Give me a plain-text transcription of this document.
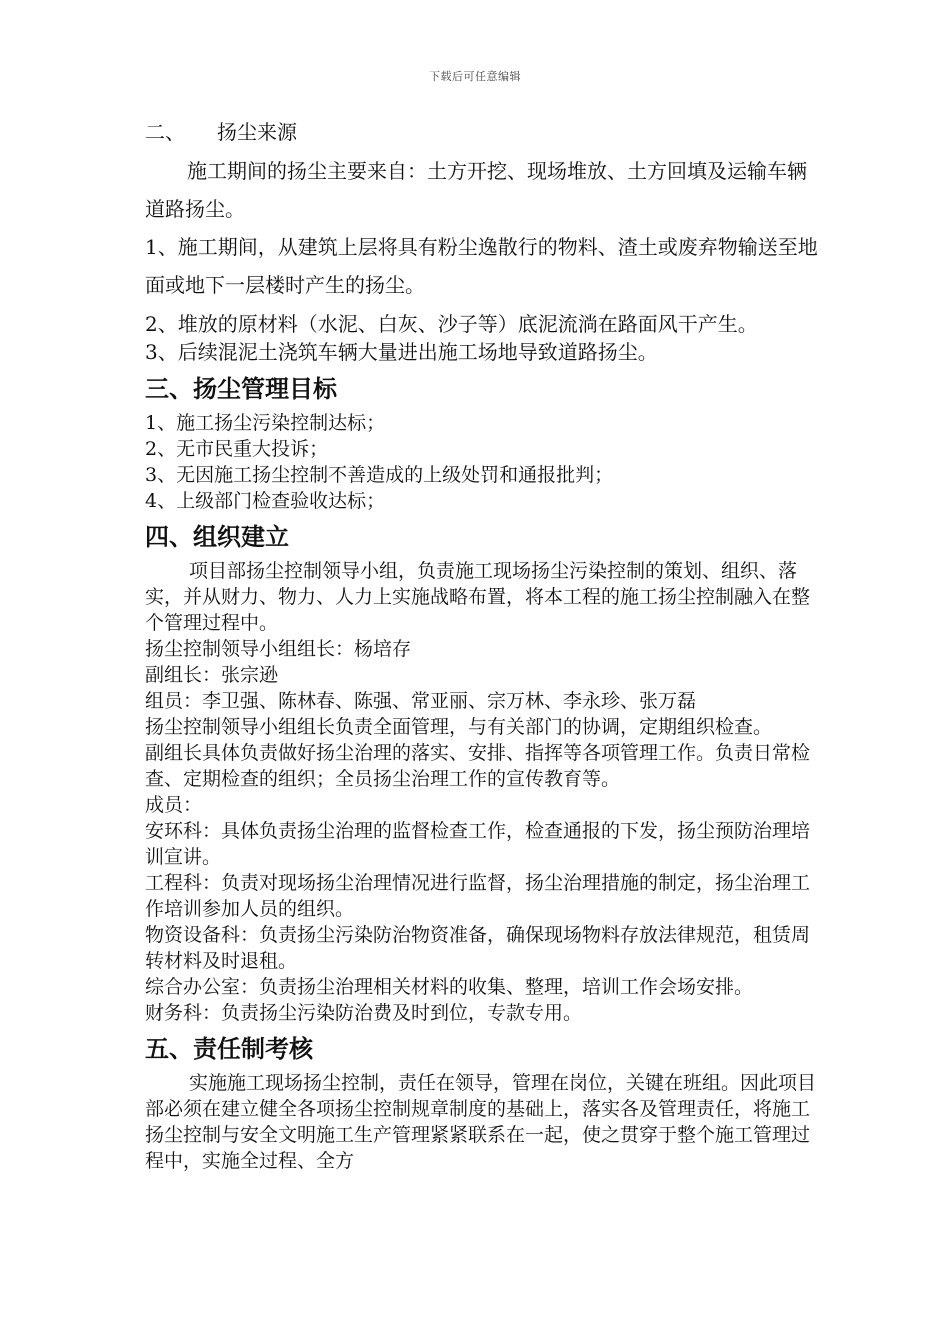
下载后可任意编辑
二、 扬尘来源

施工期间的扬尘主要来自：土方开挖、现场堆放、土方回填及运输车辆道路扬尘。

1、施工期间，从建筑上层将具有粉尘逸散行的物料、渣土或废弃物输送至地面或地下一层楼时产生的扬尘。
2、堆放的原材料（水泥、白灰、沙子等）底泥流淌在路面风干产生。
3、后续混泥土浇筑车辆大量进出施工场地导致道路扬尘。
三、扬尘管理目标
1、施工扬尘污染控制达标；
2、无市民重大投诉；
3、无因施工扬尘控制不善造成的上级处罚和通报批判；
4、上级部门检查验收达标；
四、组织建立

项目部扬尘控制领导小组，负责施工现场扬尘污染控制的策划、组织、落实，并从财力、物力、人力上实施战略布置，将本工程的施工扬尘控制融入在整个管理过程中。

扬尘控制领导小组组长：杨培存

副组长：张宗逊

组员：李卫强、陈林春、陈强、常亚丽、宗万林、李永珍、张万磊

扬尘控制领导小组组长负责全面管理，与有关部门的协调，定期组织检查。

副组长具体负责做好扬尘治理的落实、安排、指挥等各项管理工作。负责日常检查、定期检查的组织；全员扬尘治理工作的宣传教育等。

成员：

安环科：具体负责扬尘治理的监督检查工作，检查通报的下发，扬尘预防治理培训宣讲。

工程科：负责对现场扬尘治理情况进行监督，扬尘治理措施的制定，扬尘治理工作培训参加人员的组织。

物资设备科：负责扬尘污染防治物资准备，确保现场物料存放法律规范，租赁周转材料及时退租。

综合办公室：负责扬尘治理相关材料的收集、整理，培训工作会场安排。

财务科：负责扬尘污染防治费及时到位，专款专用。

五、责任制考核

实施施工现场扬尘控制，责任在领导，管理在岗位，关键在班组。因此项目部必须在建立健全各项扬尘控制规章制度的基础上，落实各及管理责任，将施工扬尘控制与安全文明施工生产管理紧紧联系在一起，使之贯穿于整个施工管理过程中，实施全过程、全方
